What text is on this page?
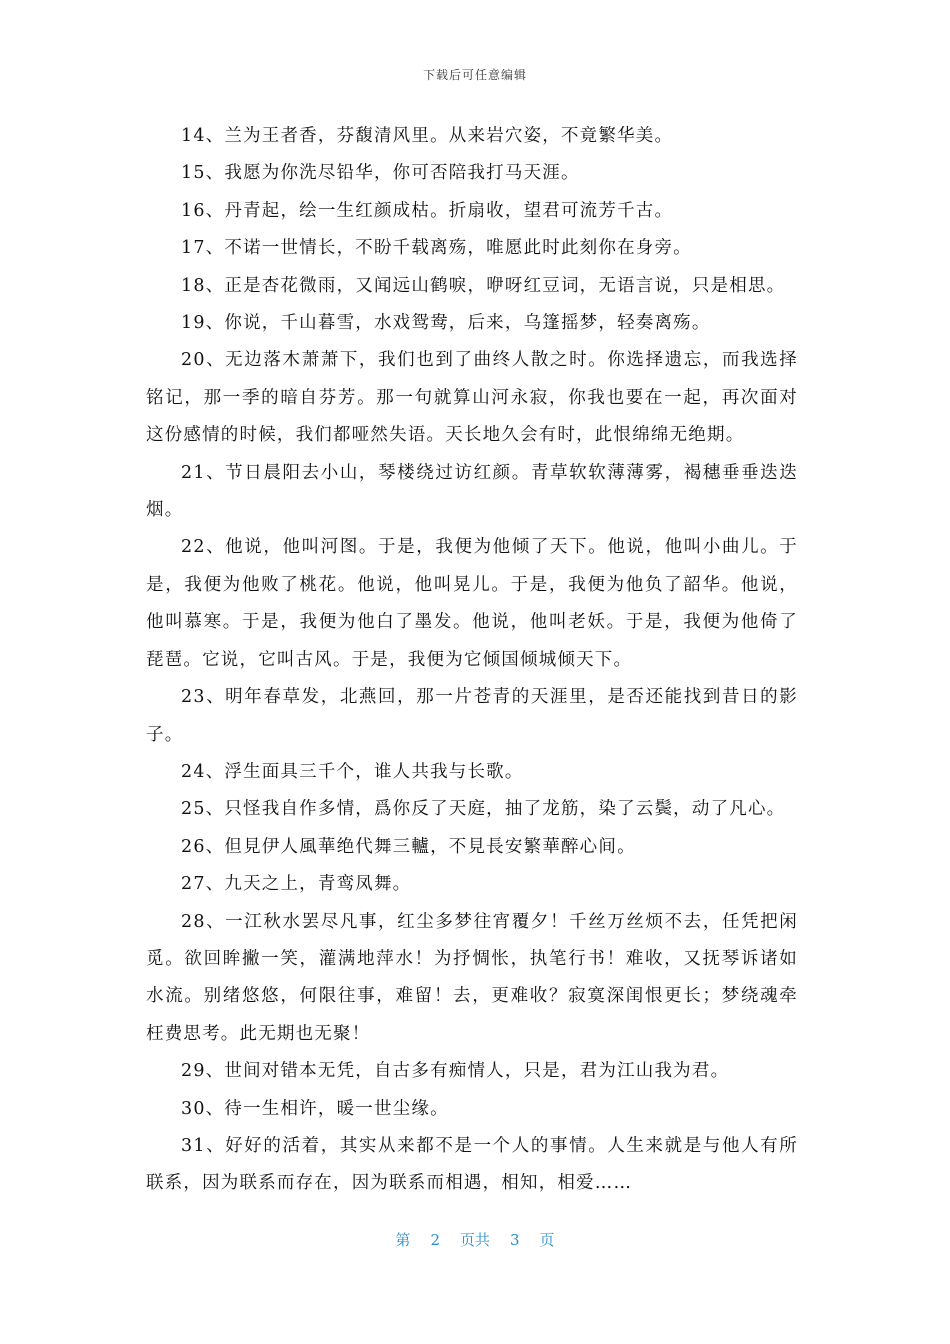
下载后可任意编辑

14、兰为王者香，芬馥清风里。从来岩穴姿，不竟繁华美。

15、我愿为你洗尽铅华，你可否陪我打马天涯。

16、丹青起，绘一生红颜成枯。折扇收，望君可流芳千古。

17、不诺一世情长，不盼千载离殇，唯愿此时此刻你在身旁。

18、正是杏花微雨，又闻远山鹤唳，咿呀红豆词，无语言说，只是相思。

19、你说，千山暮雪，水戏鸳鸯，后来，乌篷摇梦，轻奏离殇。

20、无边落木萧萧下，我们也到了曲终人散之时。你选择遗忘，而我选择铭记，那一季的暗自芬芳。那一句就算山河永寂，你我也要在一起，再次面对这份感情的时候，我们都哑然失语。天长地久会有时，此恨绵绵无绝期。

21、节日晨阳去小山，琴楼绕过访红颜。青草软软薄薄雾，褐穗垂垂迭迭烟。

22、他说，他叫河图。于是，我便为他倾了天下。他说，他叫小曲儿。于是，我便为他败了桃花。他说，他叫晃儿。于是，我便为他负了韶华。他说，他叫慕寒。于是，我便为他白了墨发。他说，他叫老妖。于是，我便为他倚了琵琶。它说，它叫古风。于是，我便为它倾国倾城倾天下。

23、明年春草发，北燕回，那一片苍青的天涯里，是否还能找到昔日的影子。

24、浮生面具三千个，谁人共我与长歌。

25、只怪我自作多情，爲你反了天庭，抽了龙筋，染了云鬓，动了凡心。

26、但見伊人風華绝代舞三轤，不見長安繁華醉心间。

27、九天之上，青鸾凤舞。

28、一江秋水罢尽凡事，红尘多梦往宵覆夕！千丝万丝烦不去，任凭把闲觅。欲回眸撇一笑，灌满地萍水！为抒惆怅，执笔行书！难收，又抚琴诉诸如水流。别绪悠悠，何限往事，难留！去，更难收？寂寞深闺恨更长；梦绕魂牵枉费思考。此无期也无聚！

29、世间对错本无凭，自古多有痴情人，只是，君为江山我为君。

30、待一生相许，暖一世尘缘。

31、好好的活着，其实从来都不是一个人的事情。人生来就是与他人有所联系，因为联系而存在，因为联系而相遇，相知，相爱……

第 2 页共 3 页
